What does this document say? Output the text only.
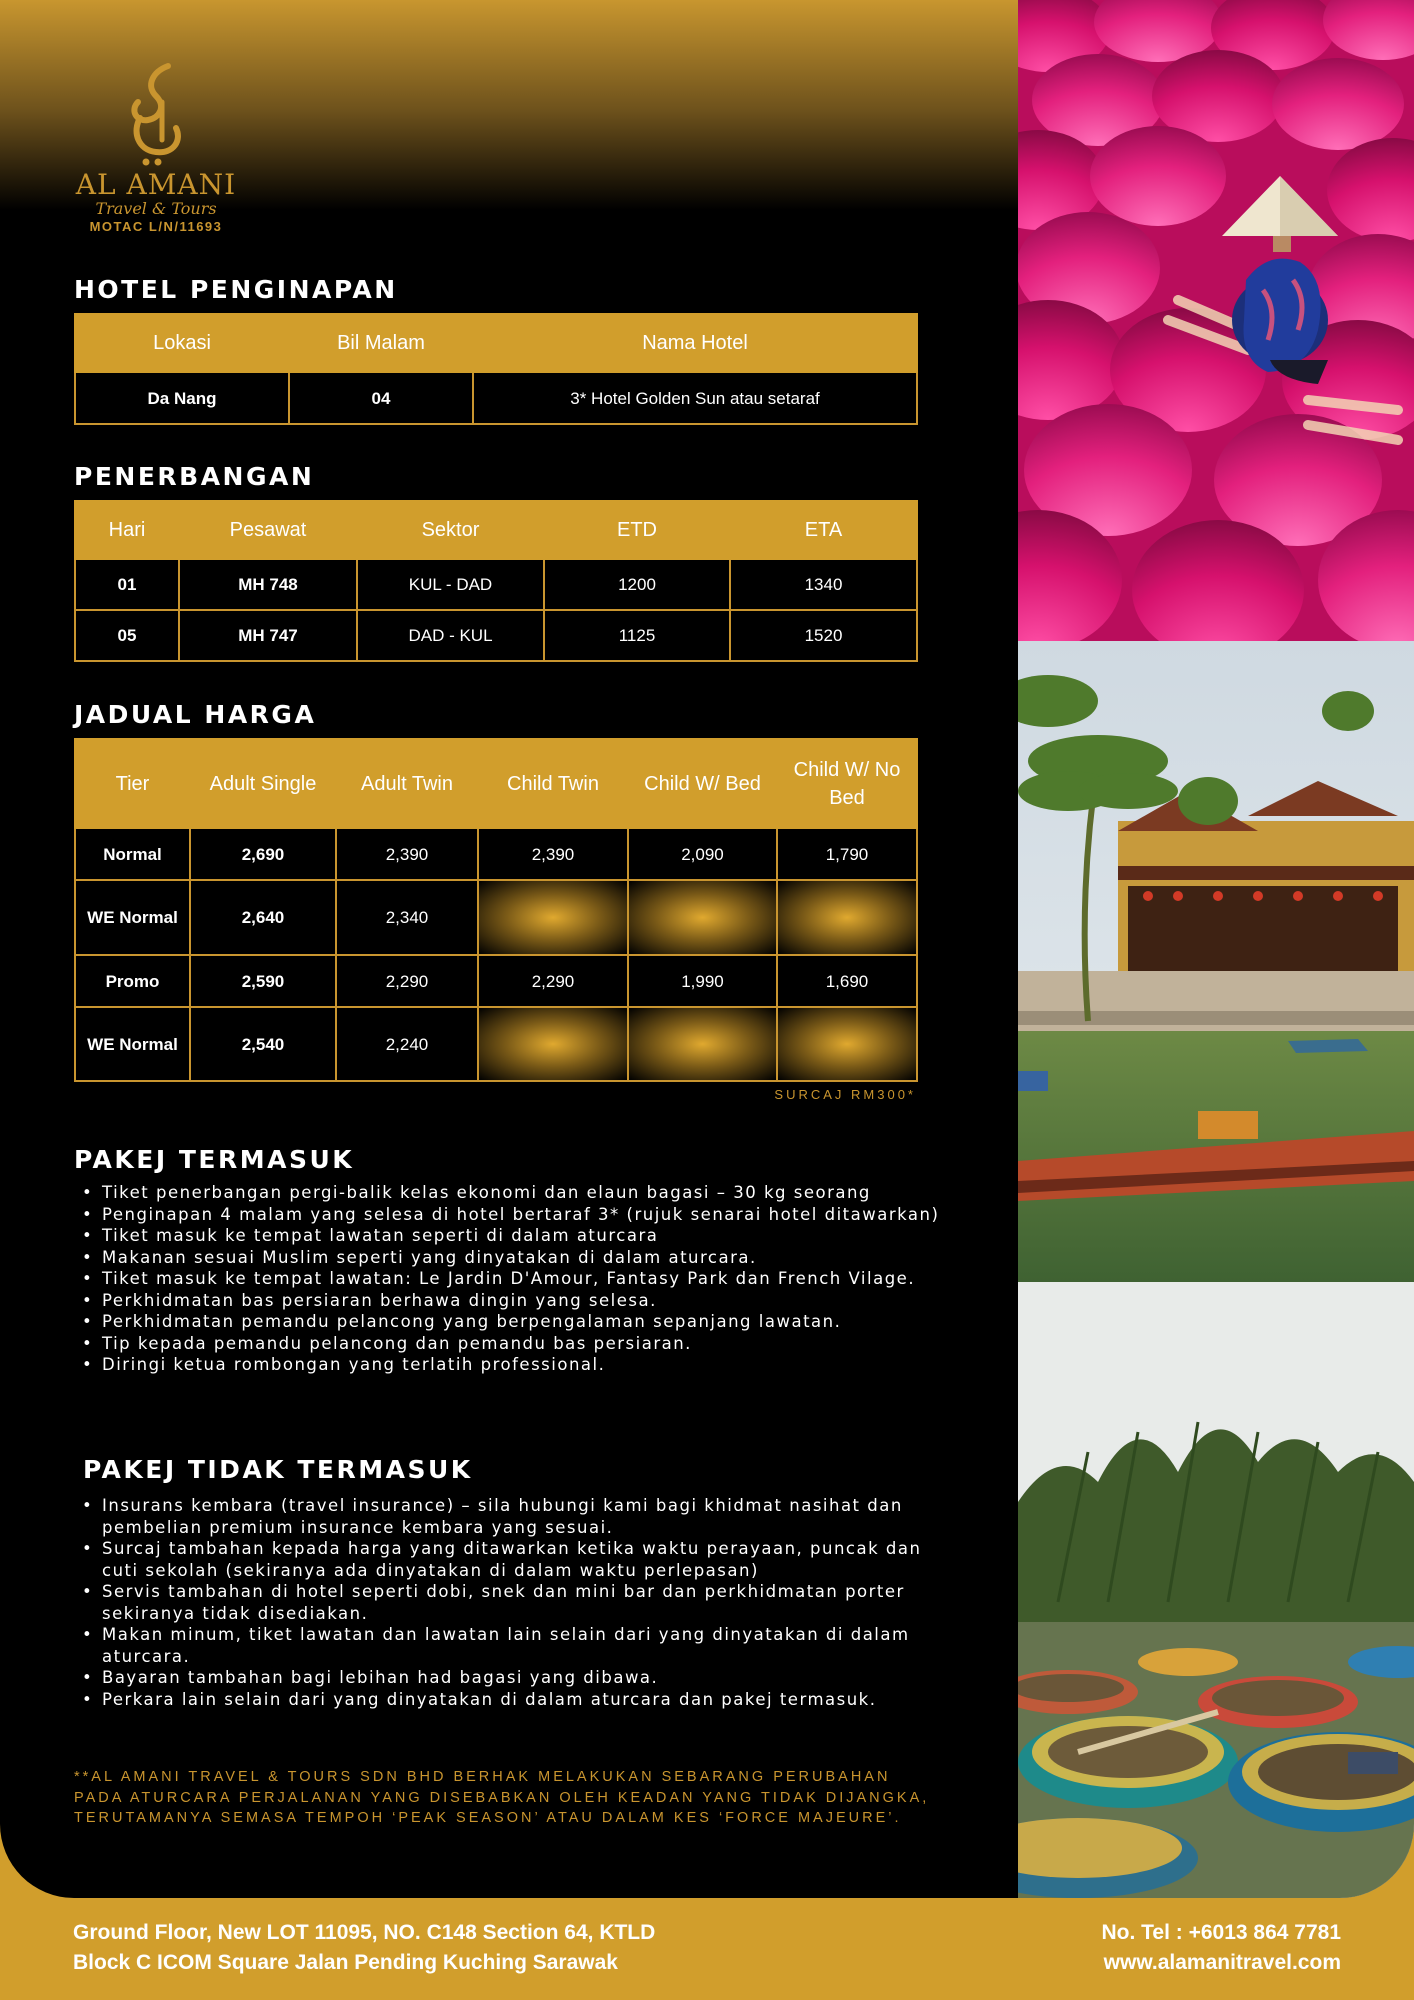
AL AMANI
Travel & Tours
MOTAC L/N/11693
HOTEL PENGINAPAN
Lokasi	Bil Malam	Nama Hotel
Da Nang	04	3* Hotel Golden Sun atau setaraf
PENERBANGAN
Hari	Pesawat	Sektor	ETD	ETA
01	MH 748	KUL - DAD	1200	1340
05	MH 747	DAD - KUL	1125	1520
JADUAL HARGA
Tier	Adult Single	Adult Twin	Child Twin	Child W/ Bed	Child W/ No Bed
Normal	2,690	2,390	2,390	2,090	1,790
WE Normal	2,640	2,340			
Promo	2,590	2,290	2,290	1,990	1,690
WE Normal	2,540	2,240			
SURCAJ RM300*
PAKEJ TERMASUK
• Tiket penerbangan pergi-balik kelas ekonomi dan elaun bagasi – 30 kg seorang
• Penginapan 4 malam yang selesa di hotel bertaraf 3* (rujuk senarai hotel ditawarkan)
• Tiket masuk ke tempat lawatan seperti di dalam aturcara
• Makanan sesuai Muslim seperti yang dinyatakan di dalam aturcara.
• Tiket masuk ke tempat lawatan: Le Jardin D'Amour, Fantasy Park dan French Vilage.
• Perkhidmatan bas persiaran berhawa dingin yang selesa.
• Perkhidmatan pemandu pelancong yang berpengalaman sepanjang lawatan.
• Tip kepada pemandu pelancong dan pemandu bas persiaran.
• Diringi ketua rombongan yang terlatih professional.
PAKEJ TIDAK TERMASUK
• Insurans kembara (travel insurance) – sila hubungi kami bagi khidmat nasihat dan pembelian premium insurance kembara yang sesuai.
• Surcaj tambahan kepada harga yang ditawarkan ketika waktu perayaan, puncak dan cuti sekolah (sekiranya ada dinyatakan di dalam waktu perlepasan)
• Servis tambahan di hotel seperti dobi, snek dan mini bar dan perkhidmatan porter sekiranya tidak disediakan.
• Makan minum, tiket lawatan dan lawatan lain selain dari yang dinyatakan di dalam aturcara.
• Bayaran tambahan bagi lebihan had bagasi yang dibawa.
• Perkara lain selain dari yang dinyatakan di dalam aturcara dan pakej termasuk.
**AL AMANI TRAVEL & TOURS SDN BHD BERHAK MELAKUKAN SEBARANG PERUBAHAN PADA ATURCARA PERJALANAN YANG DISEBABKAN OLEH KEADAN YANG TIDAK DIJANGKA, TERUTAMANYA SEMASA TEMPOH ‘PEAK SEASON’ ATAU DALAM KES ‘FORCE MAJEURE’.
Ground Floor, New LOT 11095, NO. C148 Section 64, KTLD
Block C ICOM Square Jalan Pending Kuching Sarawak
No. Tel : +6013 864 7781
www.alamanitravel.com
